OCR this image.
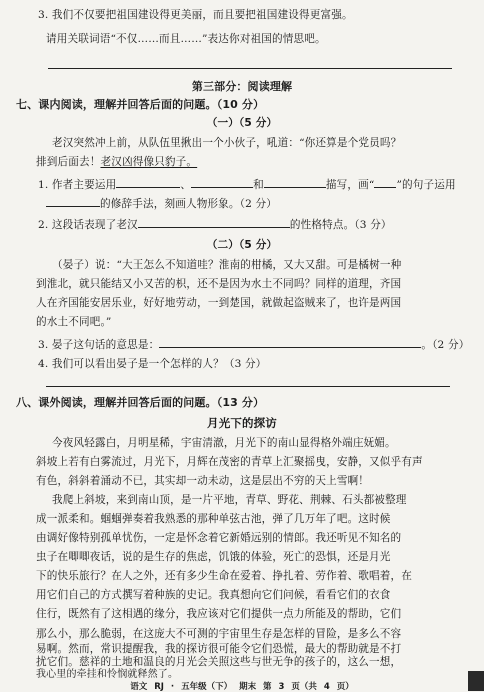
3. 我们不仅要把祖国建设得更美丽，而且要把祖国建设得更富强。
请用关联词语“不仅……而且……”表达你对祖国的情思吧。
第三部分：阅读理解
七、课内阅读，理解并回答后面的问题。（10 分）
（一）（5 分）
老汉突然冲上前，从队伍里揪出一个小伙子，吼道：“你还算是个党员吗？
排到后面去！老汉凶得像只豹子。
1. 作者主要运用	、	和	描写，画“ ”的句子运用
的修辞手法，刻画人物形象。（2 分）
2. 这段话表现了老汉	的性格特点。（3 分）
（二）（5 分）
（晏子）说：“大王怎么不知道哇？淮南的柑橘，又大又甜。可是橘树一种
到淮北，就只能结又小又苦的枳，还不是因为水土不同吗？同样的道理，齐国
人在齐国能安居乐业，好好地劳动，一到楚国，就做起盗贼来了，也许是两国
的水土不同吧。”
3. 晏子这句话的意思是：	。（2 分）
4. 我们可以看出晏子是一个怎样的人？（3 分）
八、课外阅读，理解并回答后面的问题。（13 分）
月光下的探访
今夜风轻露白，月明星稀，宇宙清澈，月光下的南山显得格外端庄妩媚。
斜坡上若有白雾流过，月光下，月辉在茂密的青草上汇聚摇曳，安静，又似乎有声
有色，斜斜着涌动不已，其实却一动未动，这是层出不穷的天上雪啊！
我爬上斜坡，来到南山顶，是一片平地，青草、野花、荆棘、石头都被整理
成一派柔和。蝈蝈弹奏着我熟悉的那种单弦古池，弹了几万年了吧。这时候
由调好像特别孤单忧伤，一定是怀念着它新婚远别的情郎。我还听见不知名的
虫子在唧唧夜话，说的是生存的焦虑，饥饿的体验，死亡的恐惧，还是月光
下的快乐旅行？在人之外，还有多少生命在爱着、挣扎着、劳作着、歌唱着，在
用它们自己的方式撰写着种族的史记。我真想向它们问候，看看它们的衣食
住行，既然有了这相遇的缘分，我应该对它们提供一点力所能及的帮助，它们
那么小，那么脆弱，在这庞大不可测的宇宙里生存是怎样的冒险，是多么不容
易啊。然而，常识提醒我，我的探访很可能令它们恐慌，最大的帮助就是不打
扰它们。慈祥的土地和温良的月光会关照这些与世无争的孩子的，这么一想，
语文 RJ · 五年级（下） 期末 第 3 页（共 4 页）
我心里的牵挂和怜悯就释然了。
